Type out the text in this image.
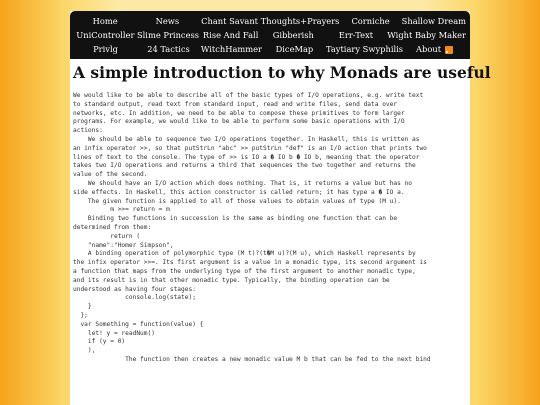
Home	News	Chant Savant Thoughts+Prayers	Corniche	Shallow Dream
UniController Slime Princess Rise And Fall	Gibberish	Err-Text	Wight Baby Maker
Privlg	24 Tactics	WitchHammer	DiceMap	Taytiary Swyphilis	About
A simple introduction to why Monads are useful
We would like to be able to describe all of the basic types of I/O operations, e.g. write text
to standard output, read text from standard input, read and write files, send data over
networks, etc. In addition, we need to be able to compose these primitives to form larger
programs. For example, we would like to be able to perform some basic operations with I/O
actions:
We should be able to sequence two I/O operations together. In Haskell, this is written as
an infix operator >>, so that putStrLn "abc" >> putStrLn "def" is an I/O action that prints two
lines of text to the console. The type of >> is IO a � IO b � IO b, meaning that the operator
takes two I/O operations and returns a third that sequences the two together and returns the
value of the second.
We should have an I/O action which does nothing. That is, it returns a value but has no
side effects. In Haskell, this action constructor is called return; it has type a � IO a.
The given function is applied to all of those values to obtain values of type (M u).
m >>= return = m
Binding two functions in succession is the same as binding one function that can be
determined from them:
return (
"name":"Homer Simpson",
A binding operation of polymorphic type (M t)?(t�M u)?(M u), which Haskell represents by
the infix operator >>=. Its first argument is a value in a monadic type, its second argument is
a function that maps from the underlying type of the first argument to another monadic type,
and its result is in that other monadic type. Typically, the binding operation can be
understood as having four stages:
console.log(state);
}
};
var Something = function(value) {
let! y = readNum()
if (y = 0)
),
The function then creates a new monadic value M b that can be fed to the next bind
